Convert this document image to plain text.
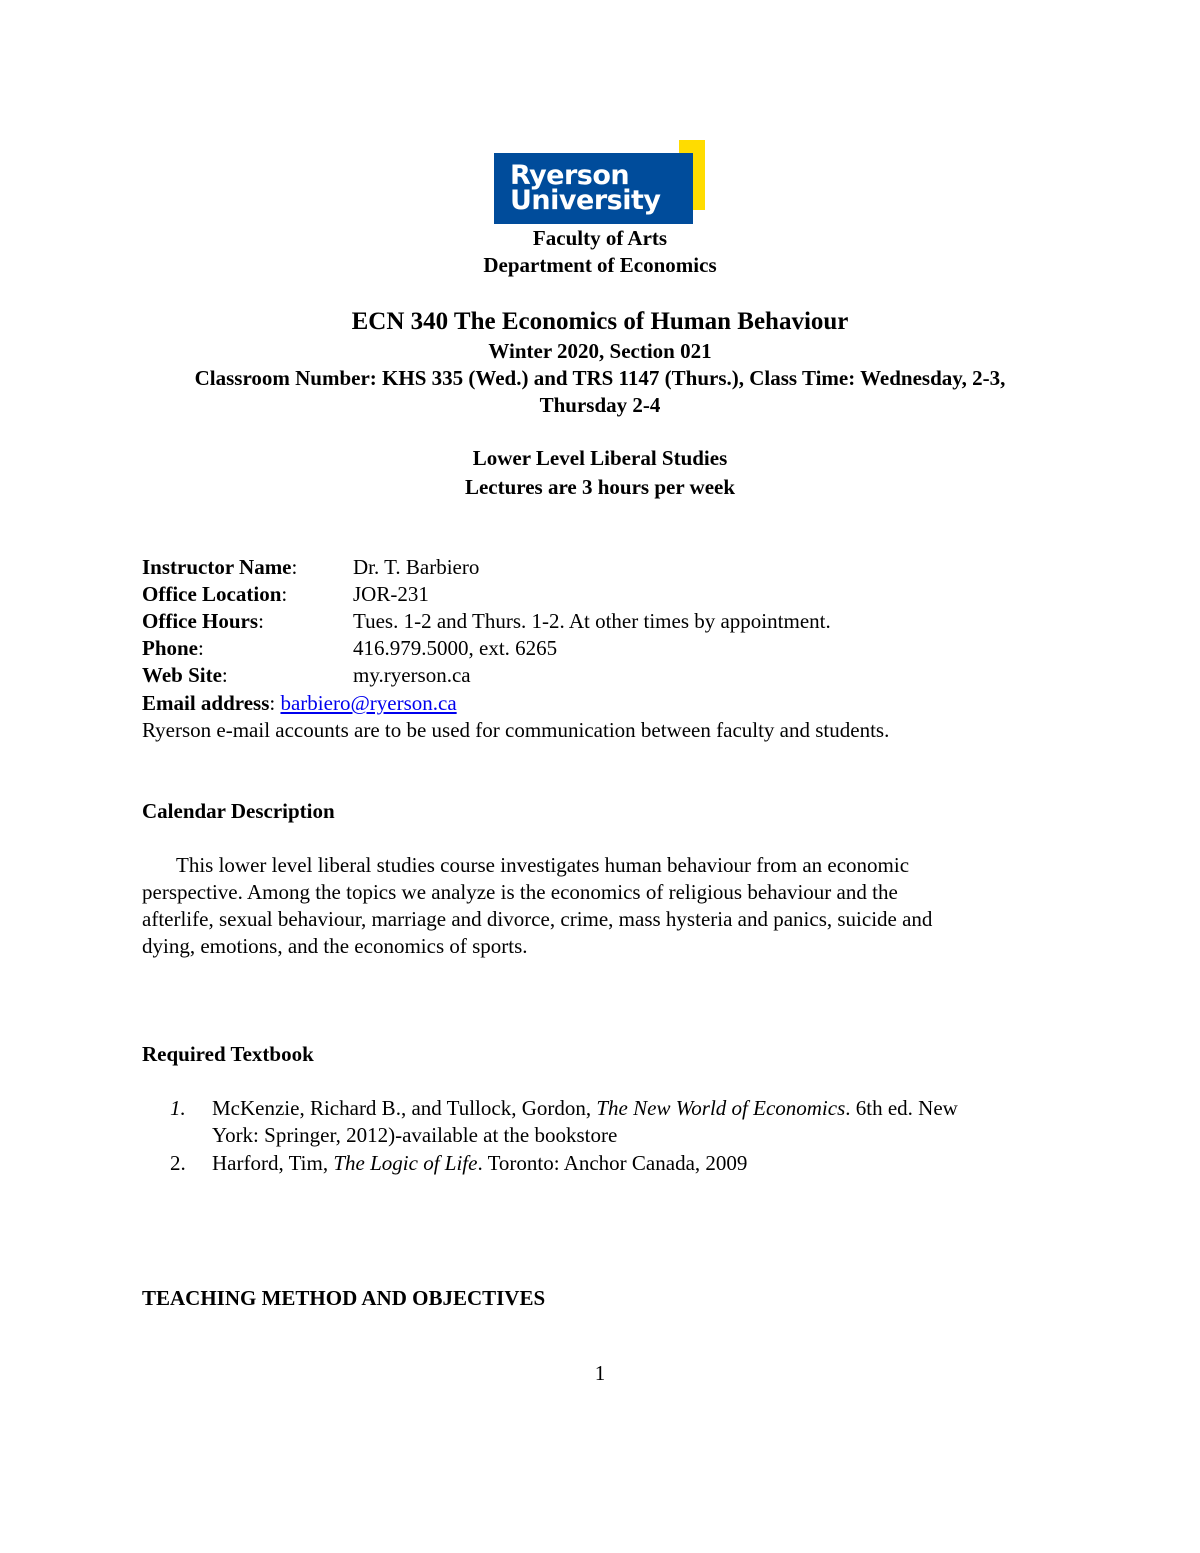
Ryerson
University
Faculty of Arts
Department of Economics
ECN 340 The Economics of Human Behaviour
Winter 2020, Section 021
Classroom Number: KHS 335 (Wed.) and TRS 1147 (Thurs.), Class Time: Wednesday, 2-3,
Thursday 2-4
Lower Level Liberal Studies
Lectures are 3 hours per week
Instructor Name:	Dr. T. Barbiero
Office Location:	JOR-231
Office Hours:	Tues. 1-2 and Thurs. 1-2. At other times by appointment.
Phone:	416.979.5000, ext. 6265
Web Site:	my.ryerson.ca
Email address: barbiero@ryerson.ca
Ryerson e-mail accounts are to be used for communication between faculty and students.
Calendar Description
This lower level liberal studies course investigates human behaviour from an economic
perspective. Among the topics we analyze is the economics of religious behaviour and the
afterlife, sexual behaviour, marriage and divorce, crime, mass hysteria and panics, suicide and
dying, emotions, and the economics of sports.
Required Textbook
1. McKenzie, Richard B., and Tullock, Gordon, The New World of Economics. 6th ed. New
York: Springer, 2012)-available at the bookstore
2. Harford, Tim, The Logic of Life. Toronto: Anchor Canada, 2009
TEACHING METHOD AND OBJECTIVES
1
